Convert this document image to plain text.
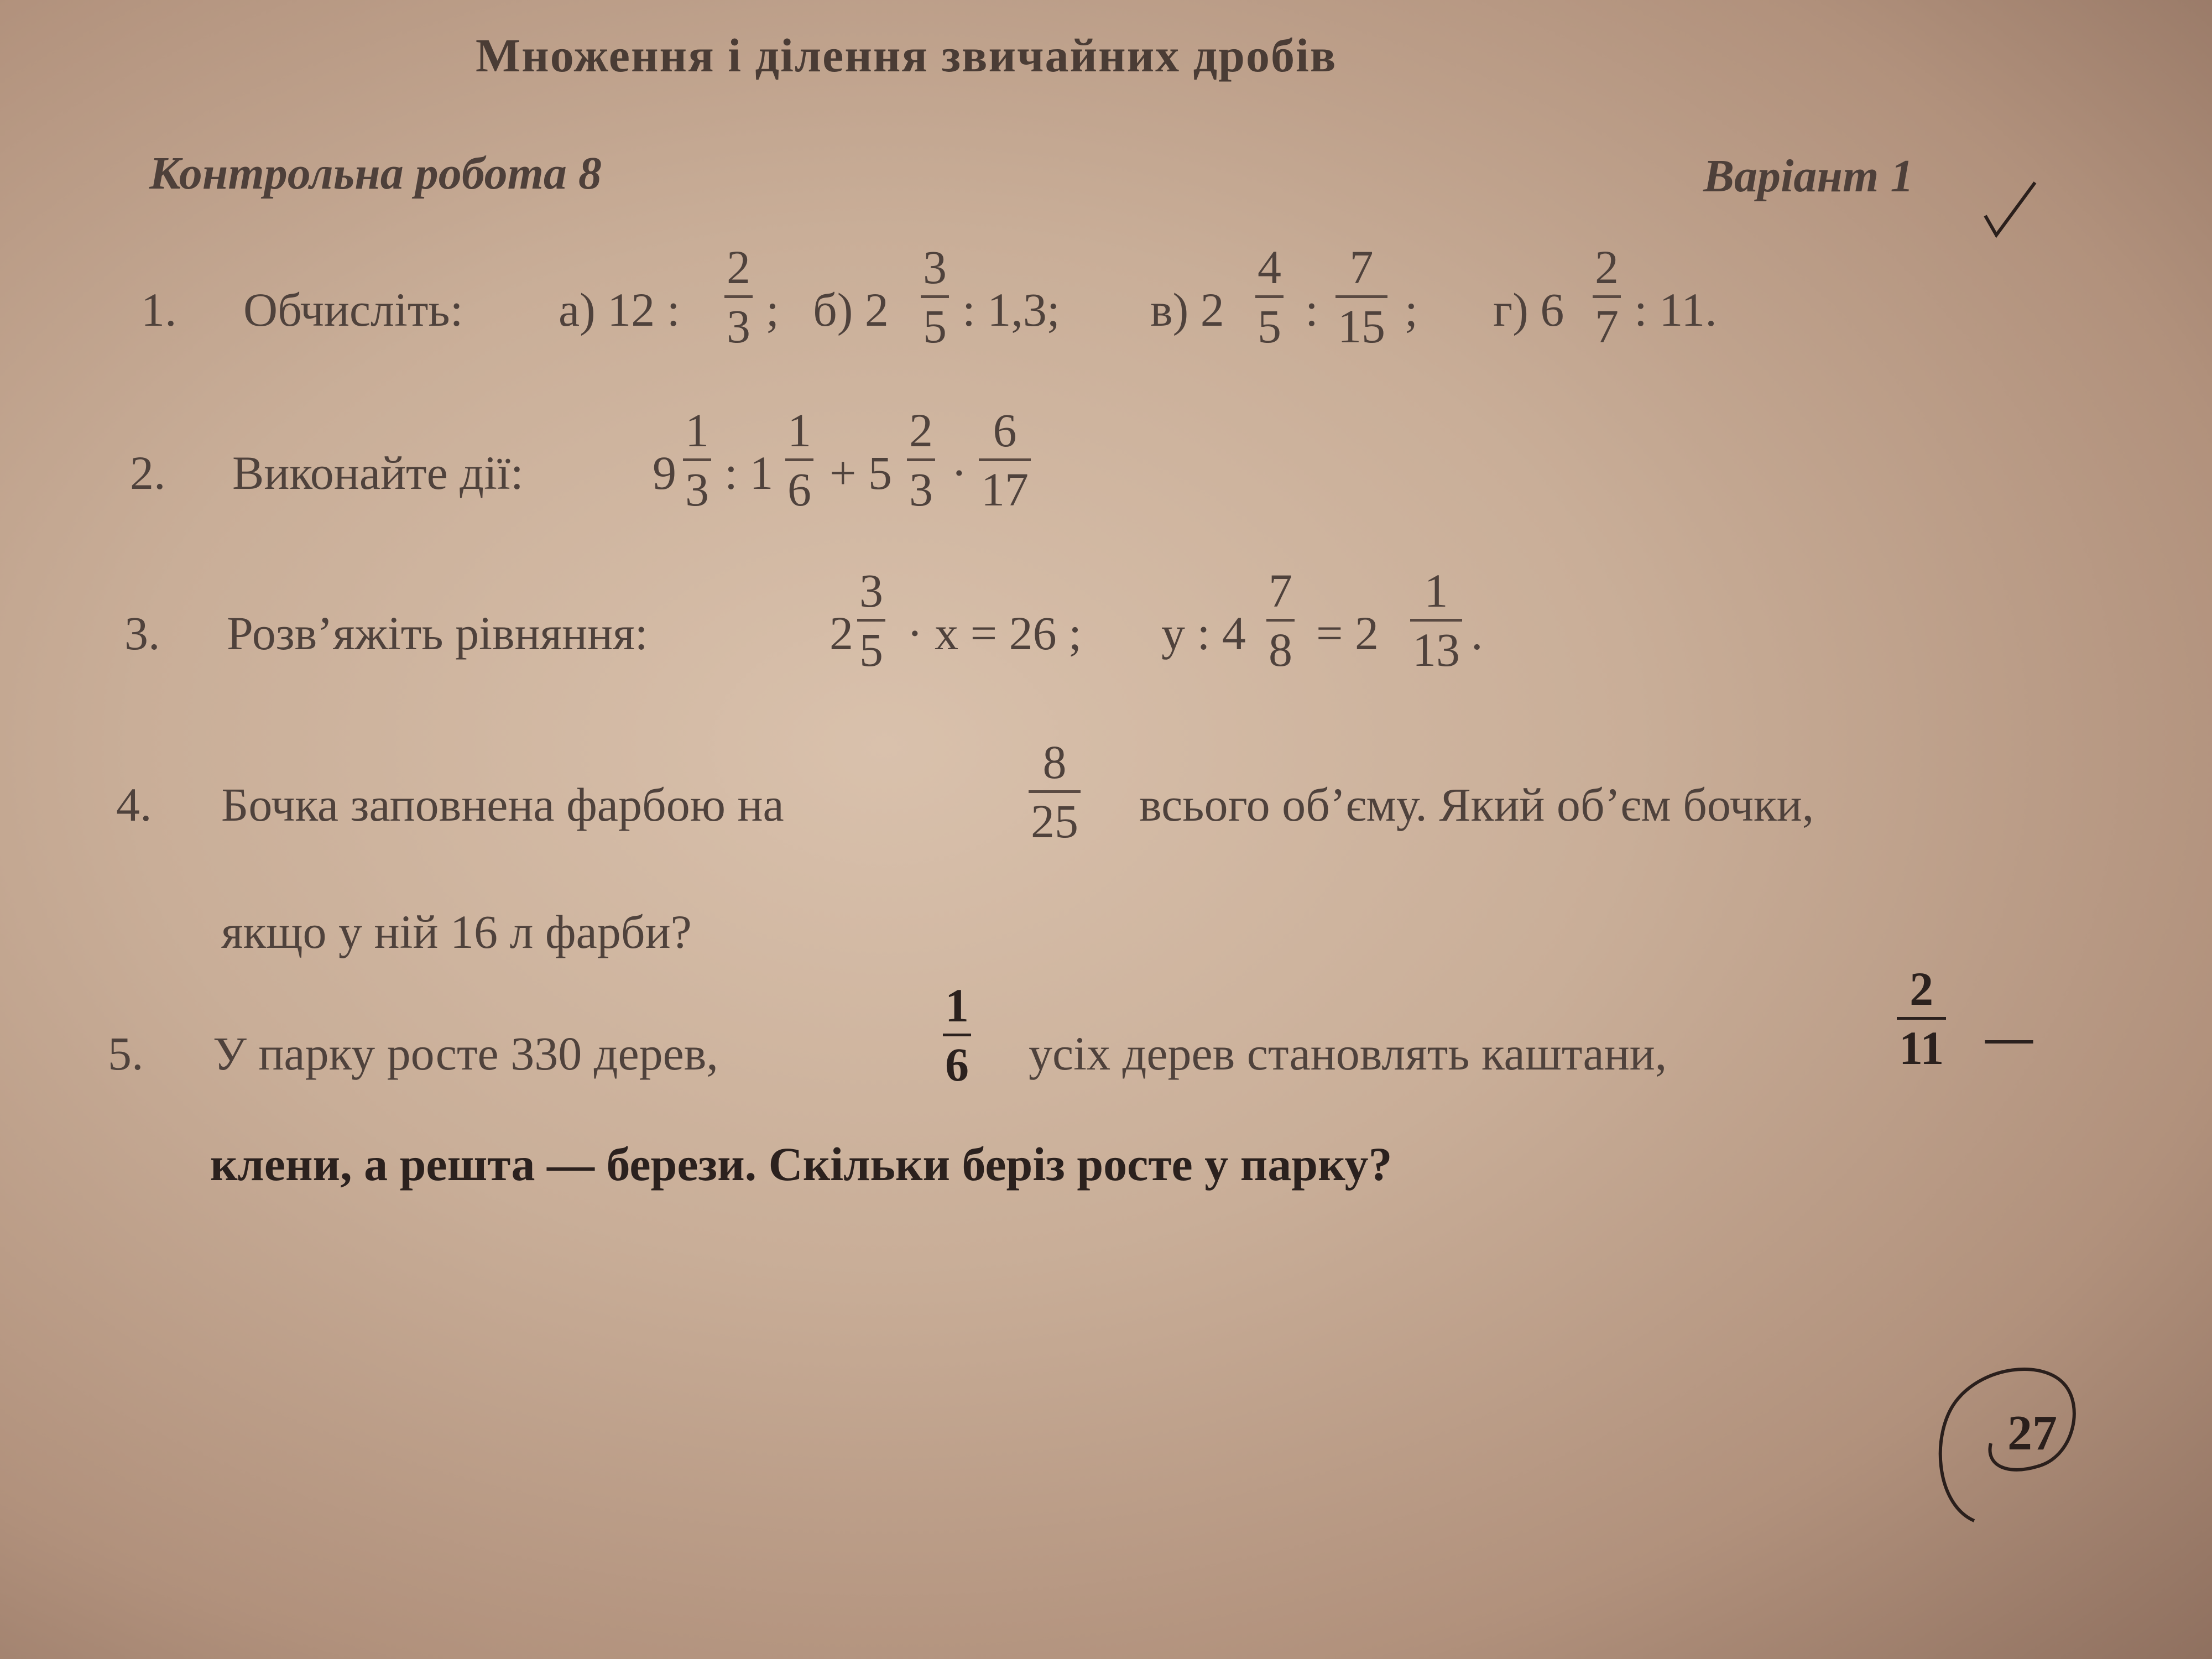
Множення і ділення звичайних дробів
Контрольна робота 8	Варіант 1
1. Обчисліть: а) 12 :
2
3 ; б) 2
3
5 : 1,3; в) 2
4
5 :
7
15 ; г) 6
2
7 : 11.
2. Виконайте дії:	9
1
3 : 1
1
6 + 5
2
3 ·
6
17
3. Розв’яжіть рівняння:	2
3
5 · x = 26 ; y : 4
7
8 = 2
1
13 .
4. Бочка заповнена фарбою на
8
25 всього об’єму. Який об’єм бочки,
якщо у ній 16 л фарби?
5. У парку росте 330 дерев,
1
6 усіх дерев становлять каштани,
2
11 —
клени, а решта — берези. Скільки беріз росте у парку?
27
